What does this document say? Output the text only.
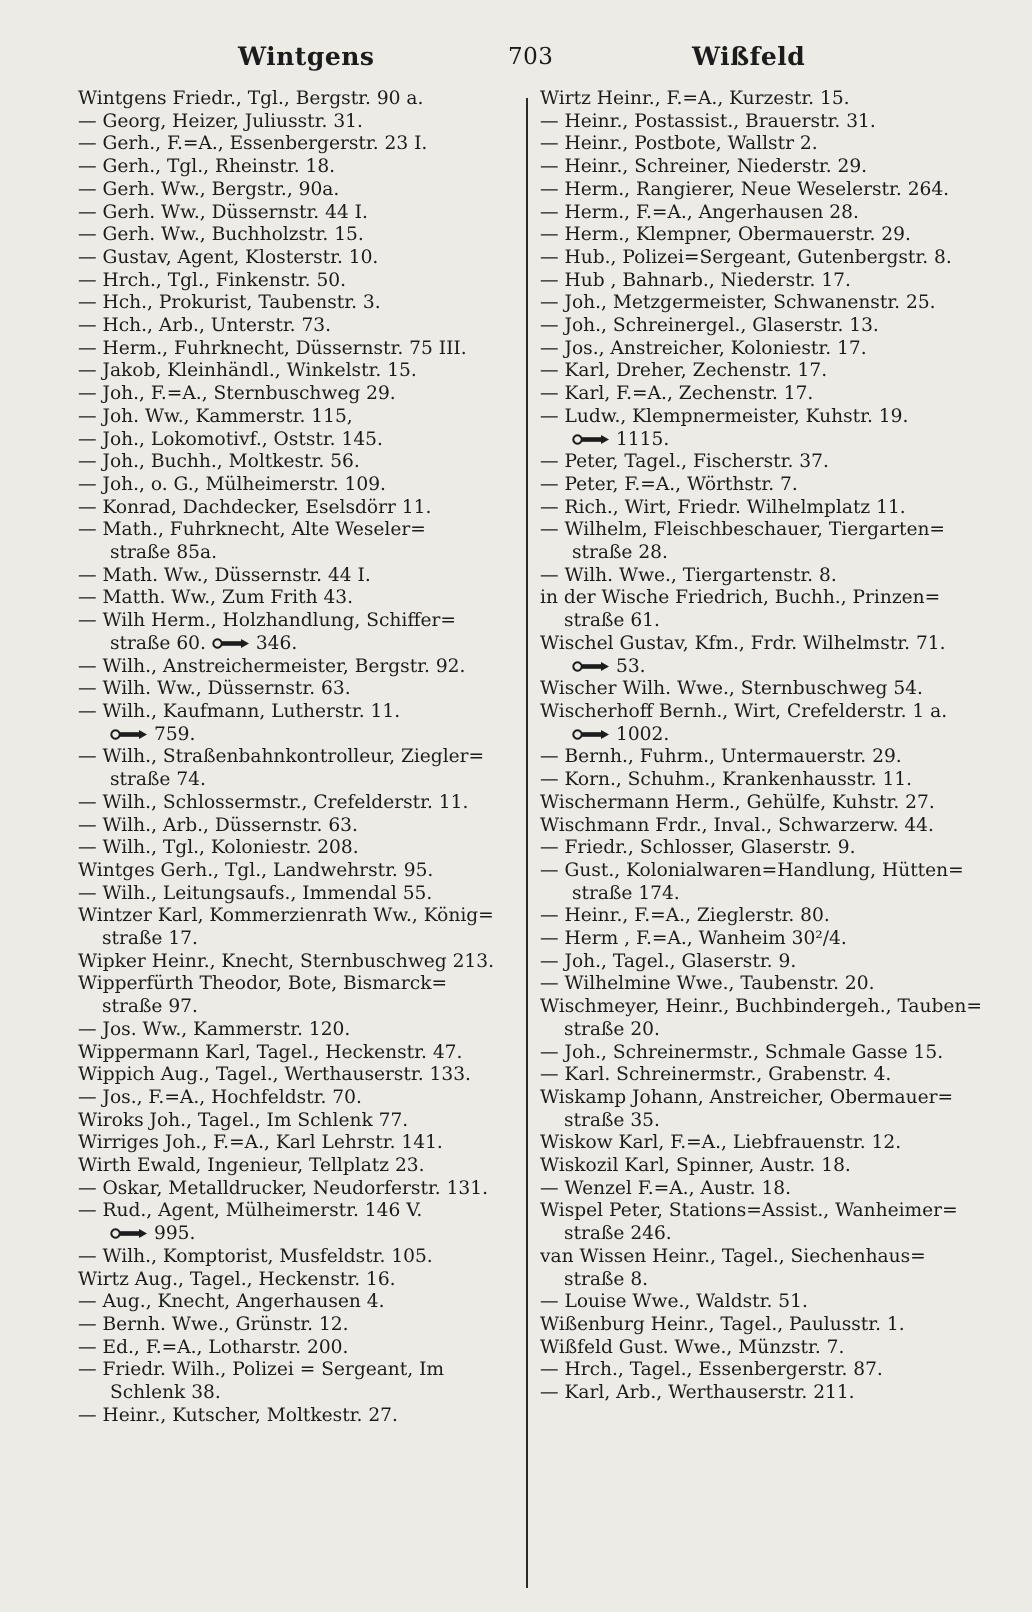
Wintgens	703	Wißfeld
Wintgens Friedr., Tgl., Bergstr. 90 a.
— Georg, Heizer, Juliusstr. 31.
— Gerh., F.=A., Essenbergerstr. 23 I.
— Gerh., Tgl., Rheinstr. 18.
— Gerh. Ww., Bergstr., 90a.
— Gerh. Ww., Düssernstr. 44 I.
— Gerh. Ww., Buchholzstr. 15.
— Gustav, Agent, Klosterstr. 10.
— Hrch., Tgl., Finkenstr. 50.
— Hch., Prokurist, Taubenstr. 3.
— Hch., Arb., Unterstr. 73.
— Herm., Fuhrknecht, Düssernstr. 75 III.
— Jakob, Kleinhändl., Winkelstr. 15.
— Joh., F.=A., Sternbuschweg 29.
— Joh. Ww., Kammerstr. 115,
— Joh., Lokomotivf., Oststr. 145.
— Joh., Buchh., Moltkestr. 56.
— Joh., o. G., Mülheimerstr. 109.
— Konrad, Dachdecker, Eselsdörr 11.
— Math., Fuhrknecht, Alte Weseler=
straße 85a.
— Math. Ww., Düssernstr. 44 I.
— Matth. Ww., Zum Frith 43.
— Wilh Herm., Holzhandlung, Schiffer=
straße 60.	346.
— Wilh., Anstreichermeister, Bergstr. 92.
— Wilh. Ww., Düssernstr. 63.
— Wilh., Kaufmann, Lutherstr. 11.
759.
— Wilh., Straßenbahnkontrolleur, Ziegler=
straße 74.
— Wilh., Schlossermstr., Crefelderstr. 11.
— Wilh., Arb., Düssernstr. 63.
— Wilh., Tgl., Koloniestr. 208.
Wintges Gerh., Tgl., Landwehrstr. 95.
— Wilh., Leitungsaufs., Immendal 55.
Wintzer Karl, Kommerzienrath Ww., König=
straße 17.
Wipker Heinr., Knecht, Sternbuschweg 213.
Wipperfürth Theodor, Bote, Bismarck=
straße 97.
— Jos. Ww., Kammerstr. 120.
Wippermann Karl, Tagel., Heckenstr. 47.
Wippich Aug., Tagel., Werthauserstr. 133.
— Jos., F.=A., Hochfeldstr. 70.
Wiroks Joh., Tagel., Im Schlenk 77.
Wirriges Joh., F.=A., Karl Lehrstr. 141.
Wirth Ewald, Ingenieur, Tellplatz 23.
— Oskar, Metalldrucker, Neudorferstr. 131.
— Rud., Agent, Mülheimerstr. 146 V.
995.
— Wilh., Komptorist, Musfeldstr. 105.
Wirtz Aug., Tagel., Heckenstr. 16.
— Aug., Knecht, Angerhausen 4.
— Bernh. Wwe., Grünstr. 12.
— Ed., F.=A., Lotharstr. 200.
— Friedr. Wilh., Polizei = Sergeant, Im
Schlenk 38.
— Heinr., Kutscher, Moltkestr. 27.
Wirtz Heinr., F.=A., Kurzestr. 15.
— Heinr., Postassist., Brauerstr. 31.
— Heinr., Postbote, Wallstr 2.
— Heinr., Schreiner, Niederstr. 29.
— Herm., Rangierer, Neue Weselerstr. 264.
— Herm., F.=A., Angerhausen 28.
— Herm., Klempner, Obermauerstr. 29.
— Hub., Polizei=Sergeant, Gutenbergstr. 8.
— Hub , Bahnarb., Niederstr. 17.
— Joh., Metzgermeister, Schwanenstr. 25.
— Joh., Schreinergel., Glaserstr. 13.
— Jos., Anstreicher, Koloniestr. 17.
— Karl, Dreher, Zechenstr. 17.
— Karl, F.=A., Zechenstr. 17.
— Ludw., Klempnermeister, Kuhstr. 19.
1115.
— Peter, Tagel., Fischerstr. 37.
— Peter, F.=A., Wörthstr. 7.
— Rich., Wirt, Friedr. Wilhelmplatz 11.
— Wilhelm, Fleischbeschauer, Tiergarten=
straße 28.
— Wilh. Wwe., Tiergartenstr. 8.
in der Wische Friedrich, Buchh., Prinzen=
straße 61.
Wischel Gustav, Kfm., Frdr. Wilhelmstr. 71.
53.
Wischer Wilh. Wwe., Sternbuschweg 54.
Wischerhoff Bernh., Wirt, Crefelderstr. 1 a.
1002.
— Bernh., Fuhrm., Untermauerstr. 29.
— Korn., Schuhm., Krankenhausstr. 11.
Wischermann Herm., Gehülfe, Kuhstr. 27.
Wischmann Frdr., Inval., Schwarzerw. 44.
— Friedr., Schlosser, Glaserstr. 9.
— Gust., Kolonialwaren=Handlung, Hütten=
straße 174.
— Heinr., F.=A., Zieglerstr. 80.
— Herm , F.=A., Wanheim 30²/4.
— Joh., Tagel., Glaserstr. 9.
— Wilhelmine Wwe., Taubenstr. 20.
Wischmeyer, Heinr., Buchbindergeh., Tauben=
straße 20.
— Joh., Schreinermstr., Schmale Gasse 15.
— Karl. Schreinermstr., Grabenstr. 4.
Wiskamp Johann, Anstreicher, Obermauer=
straße 35.
Wiskow Karl, F.=A., Liebfrauenstr. 12.
Wiskozil Karl, Spinner, Austr. 18.
— Wenzel F.=A., Austr. 18.
Wispel Peter, Stations=Assist., Wanheimer=
straße 246.
van Wissen Heinr., Tagel., Siechenhaus=
straße 8.
— Louise Wwe., Waldstr. 51.
Wißenburg Heinr., Tagel., Paulusstr. 1.
Wißfeld Gust. Wwe., Münzstr. 7.
— Hrch., Tagel., Essenbergerstr. 87.
— Karl, Arb., Werthauserstr. 211.
